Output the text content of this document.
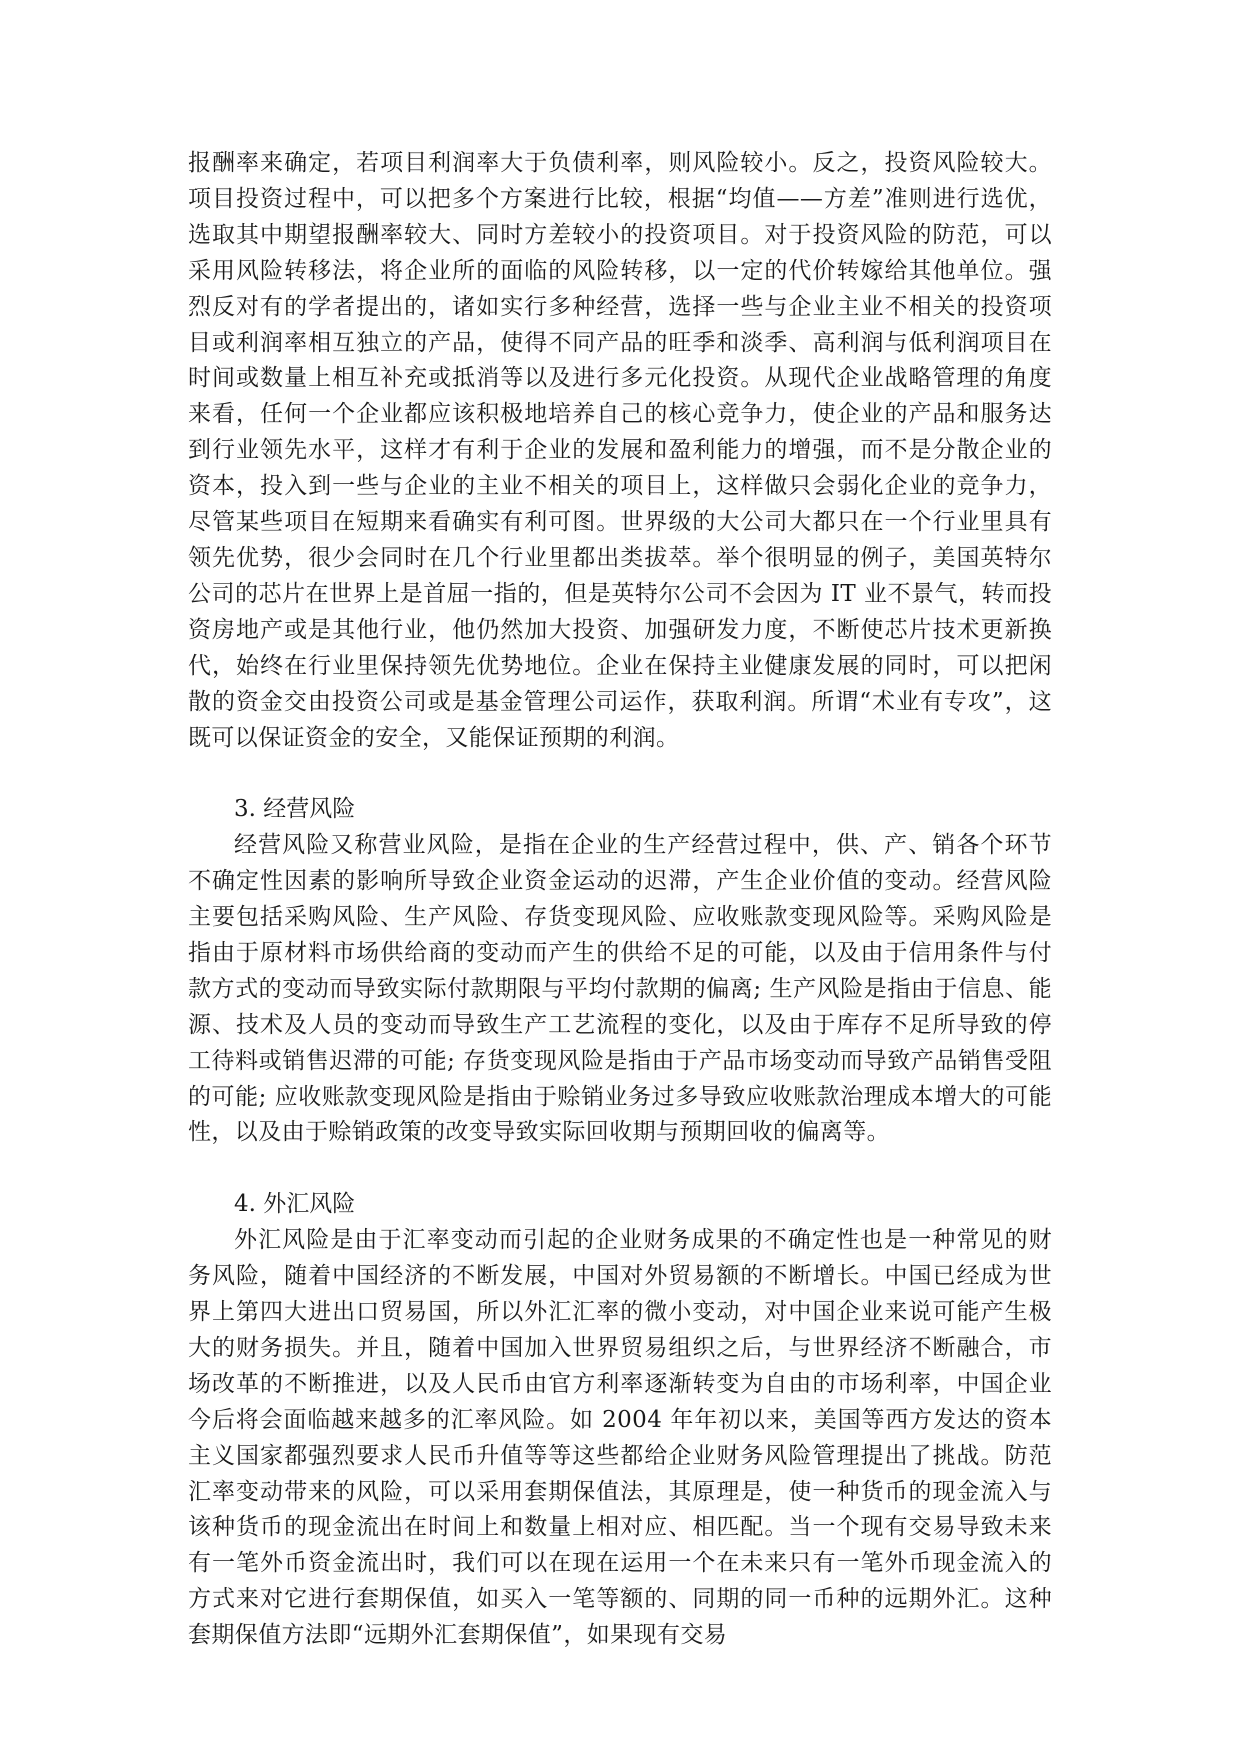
报酬率来确定，若项目利润率大于负债利率，则风险较小。反之，投资风险较大。项目投资过程中，可以把多个方案进行比较，根据“均值——方差”准则进行选优，选取其中期望报酬率较大、同时方差较小的投资项目。对于投资风险的防范，可以采用风险转移法，将企业所的面临的风险转移，以一定的代价转嫁给其他单位。强烈反对有的学者提出的，诸如实行多种经营，选择一些与企业主业不相关的投资项目或利润率相互独立的产品，使得不同产品的旺季和淡季、高利润与低利润项目在时间或数量上相互补充或抵消等以及进行多元化投资。从现代企业战略管理的角度来看，任何一个企业都应该积极地培养自己的核心竞争力，使企业的产品和服务达到行业领先水平，这样才有利于企业的发展和盈利能力的增强，而不是分散企业的资本，投入到一些与企业的主业不相关的项目上，这样做只会弱化企业的竞争力，尽管某些项目在短期来看确实有利可图。世界级的大公司大都只在一个行业里具有领先优势，很少会同时在几个行业里都出类拔萃。举个很明显的例子，美国英特尔公司的芯片在世界上是首屈一指的，但是英特尔公司不会因为 IT 业不景气，转而投资房地产或是其他行业，他仍然加大投资、加强研发力度，不断使芯片技术更新换代，始终在行业里保持领先优势地位。企业在保持主业健康发展的同时，可以把闲散的资金交由投资公司或是基金管理公司运作，获取利润。所谓“术业有专攻”，这既可以保证资金的安全，又能保证预期的利润。

3. 经营风险

经营风险又称营业风险，是指在企业的生产经营过程中，供、产、销各个环节不确定性因素的影响所导致企业资金运动的迟滞，产生企业价值的变动。经营风险主要包括采购风险、生产风险、存货变现风险、应收账款变现风险等。采购风险是指由于原材料市场供给商的变动而产生的供给不足的可能，以及由于信用条件与付款方式的变动而导致实际付款期限与平均付款期的偏离; 生产风险是指由于信息、能源、技术及人员的变动而导致生产工艺流程的变化，以及由于库存不足所导致的停工待料或销售迟滞的可能; 存货变现风险是指由于产品市场变动而导致产品销售受阻的可能; 应收账款变现风险是指由于赊销业务过多导致应收账款治理成本增大的可能性，以及由于赊销政策的改变导致实际回收期与预期回收的偏离等。

4. 外汇风险

外汇风险是由于汇率变动而引起的企业财务成果的不确定性也是一种常见的财务风险，随着中国经济的不断发展，中国对外贸易额的不断增长。中国已经成为世界上第四大进出口贸易国，所以外汇汇率的微小变动，对中国企业来说可能产生极大的财务损失。并且，随着中国加入世界贸易组织之后，与世界经济不断融合，市场改革的不断推进，以及人民币由官方利率逐渐转变为自由的市场利率，中国企业今后将会面临越来越多的汇率风险。如 2004 年年初以来，美国等西方发达的资本主义国家都强烈要求人民币升值等等这些都给企业财务风险管理提出了挑战。防范汇率变动带来的风险，可以采用套期保值法，其原理是，使一种货币的现金流入与该种货币的现金流出在时间上和数量上相对应、相匹配。当一个现有交易导致未来有一笔外币资金流出时，我们可以在现在运用一个在未来只有一笔外币现金流入的方式来对它进行套期保值，如买入一笔等额的、同期的同一币种的远期外汇。这种套期保值方法即“远期外汇套期保值”，如果现有交易
